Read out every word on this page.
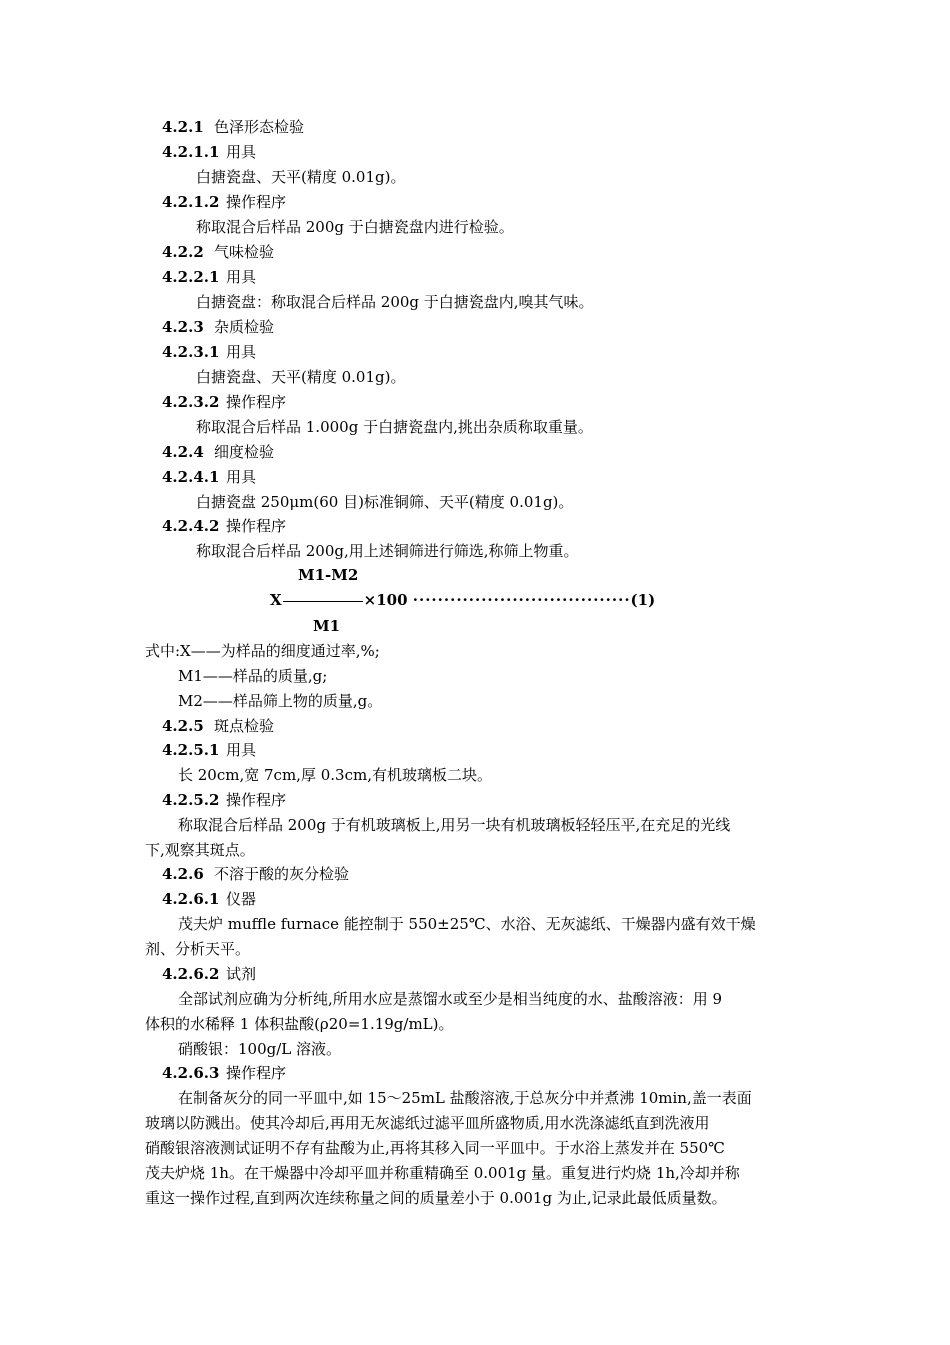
4.2.1 色泽形态检验
4.2.1.1 用具
白搪瓷盘、天平(精度 0.01g)。
4.2.1.2 操作程序
称取混合后样品 200g 于白搪瓷盘内进行检验。
4.2.2 气味检验
4.2.2.1 用具
白搪瓷盘：称取混合后样品 200g 于白搪瓷盘内,嗅其气味。
4.2.3 杂质检验
4.2.3.1 用具
白搪瓷盘、天平(精度 0.01g)。
4.2.3.2 操作程序
称取混合后样品 1.000g 于白搪瓷盘内,挑出杂质称取重量。
4.2.4 细度检验
4.2.4.1 用具
白搪瓷盘 250μm(60 目)标准铜筛、天平(精度 0.01g)。
4.2.4.2 操作程序
称取混合后样品 200g,用上述铜筛进行筛选,称筛上物重。
M1-M2
X	×100 ···································(1)
M1
式中:X——为样品的细度通过率,%;
M1——样品的质量,g;
M2——样品筛上物的质量,g。
4.2.5 斑点检验
4.2.5.1 用具
长 20cm,宽 7cm,厚 0.3cm,有机玻璃板二块。
4.2.5.2 操作程序
称取混合后样品 200g 于有机玻璃板上,用另一块有机玻璃板轻轻压平,在充足的光线
下,观察其斑点。
4.2.6 不溶于酸的灰分检验
4.2.6.1 仪器
茂夫炉 muffle furnace 能控制于 550±25℃、水浴、无灰滤纸、干燥器内盛有效干燥
剂、分析天平。
4.2.6.2 试剂
全部试剂应确为分析纯,所用水应是蒸馏水或至少是相当纯度的水、盐酸溶液：用 9
体积的水稀释 1 体积盐酸(ρ20=1.19g/mL)。
硝酸银：100g/L 溶液。
4.2.6.3 操作程序
在制备灰分的同一平皿中,如 15～25mL 盐酸溶液,于总灰分中并煮沸 10min,盖一表面
玻璃以防溅出。使其冷却后,再用无灰滤纸过滤平皿所盛物质,用水洗涤滤纸直到洗液用
硝酸银溶液测试证明不存有盐酸为止,再将其移入同一平皿中。于水浴上蒸发并在 550℃
茂夫炉烧 1h。在干燥器中冷却平皿并称重精确至 0.001g 量。重复进行灼烧 1h,冷却并称
重这一操作过程,直到两次连续称量之间的质量差小于 0.001g 为止,记录此最低质量数。
